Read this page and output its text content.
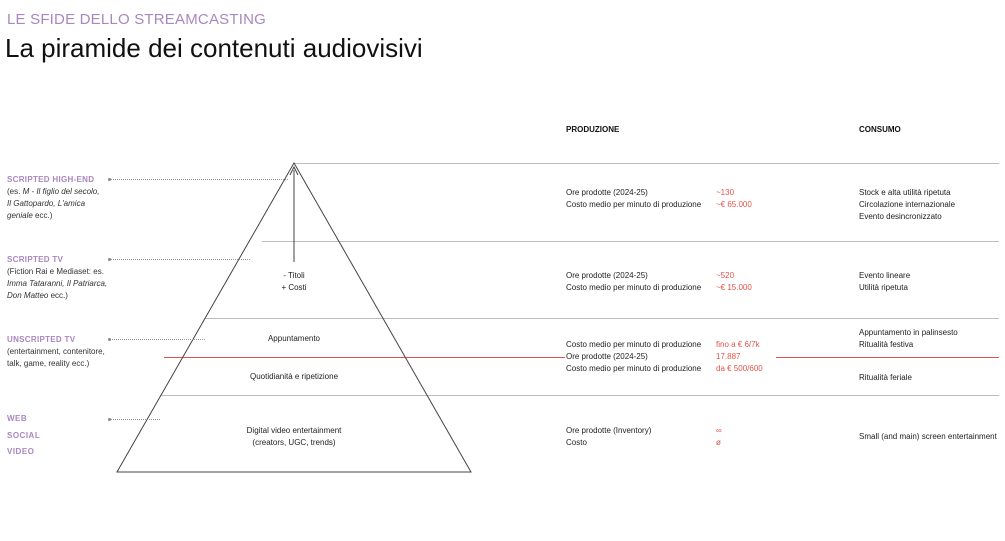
LE SFIDE DELLO STREAMCASTING
La piramide dei contenuti audiovisivi
PRODUZIONE	CONSUMO
- Titoli
+ Costi
Appuntamento
Quotidianità e ripetizione
Digital video entertainment
(creators, UGC, trends)
SCRIPTED HIGH-END
(es. M - Il figlio del secolo,
Il Gattopardo, L'amica
geniale ecc.)
SCRIPTED TV
(Fiction Rai e Mediaset: es.
Imma Tataranni, Il Patriarca,
Don Matteo ecc.)
UNSCRIPTED TV
(entertainment, contenitore,
talk, game, reality ecc.)
WEB
SOCIAL
VIDEO
Ore prodotte (2024-25)	~130
Costo medio per minuto di produzione ~€ 65.000
Ore prodotte (2024-25)	~520
Costo medio per minuto di produzione ~€ 15.000
Costo medio per minuto di produzione fino a € 6/7k
Ore prodotte (2024-25)	17.887
Costo medio per minuto di produzione da € 500/600
Ore prodotte (Inventory)	∞
Costo	ø
Stock e alta utilità ripetuta
Circolazione internazionale
Evento desincronizzato
Evento lineare
Utilità ripetuta
Appuntamento in palinsesto
Ritualità festiva
Ritualità feriale
Small (and main) screen entertainment
